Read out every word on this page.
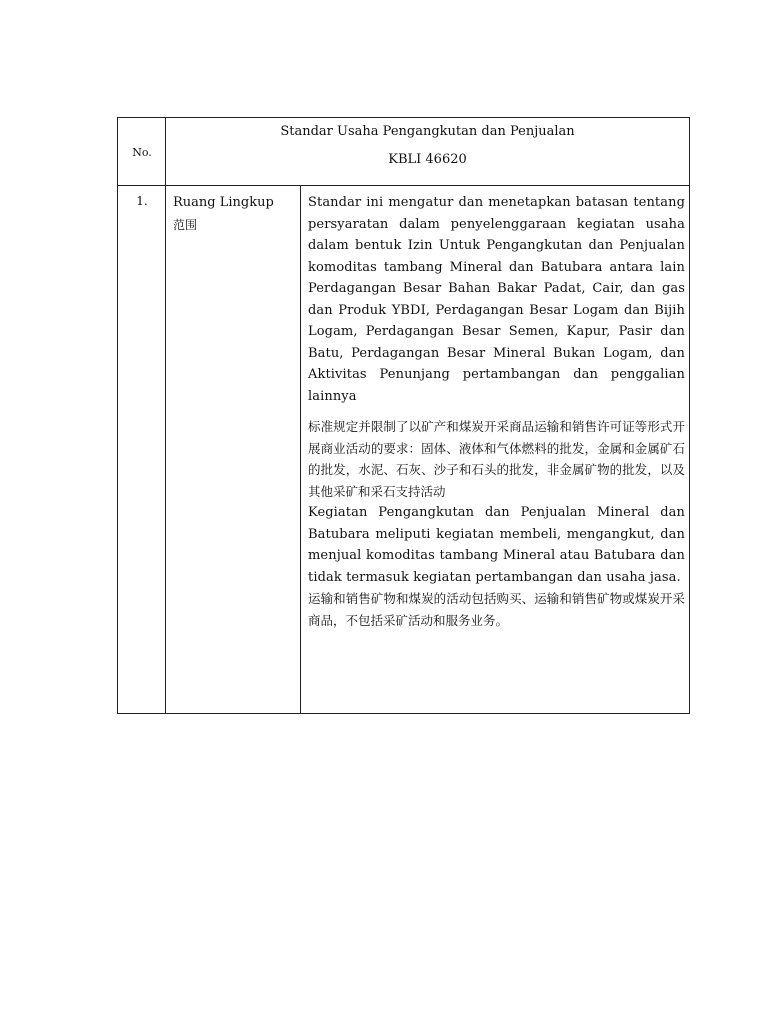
No.
Standar Usaha Pengangkutan dan Penjualan
KBLI 46620
1.	Ruang Lingkup
范围

Standar ini mengatur dan menetapkan batasan tentang persyaratan dalam penyelenggaraan kegiatan usaha dalam bentuk Izin Untuk Pengangkutan dan Penjualan komoditas tambang Mineral dan Batubara antara lain Perdagangan Besar Bahan Bakar Padat, Cair, dan gas dan Produk YBDI, Perdagangan Besar Logam dan Bijih Logam, Perdagangan Besar Semen, Kapur, Pasir dan Batu, Perdagangan Besar Mineral Bukan Logam, dan Aktivitas Penunjang pertambangan dan penggalian lainnya

标准规定并限制了以矿产和煤炭开采商品运输和销售许可证等形式开展商业活动的要求：固体、液体和气体燃料的批发，金属和金属矿石的批发，水泥、石灰、沙子和石头的批发，非金属矿物的批发，以及其他采矿和采石支持活动

Kegiatan Pengangkutan dan Penjualan Mineral dan Batubara meliputi kegiatan membeli, mengangkut, dan menjual komoditas tambang Mineral atau Batubara dan tidak termasuk kegiatan pertambangan dan usaha jasa.

运输和销售矿物和煤炭的活动包括购买、运输和销售矿物或煤炭开采商品，不包括采矿活动和服务业务。
